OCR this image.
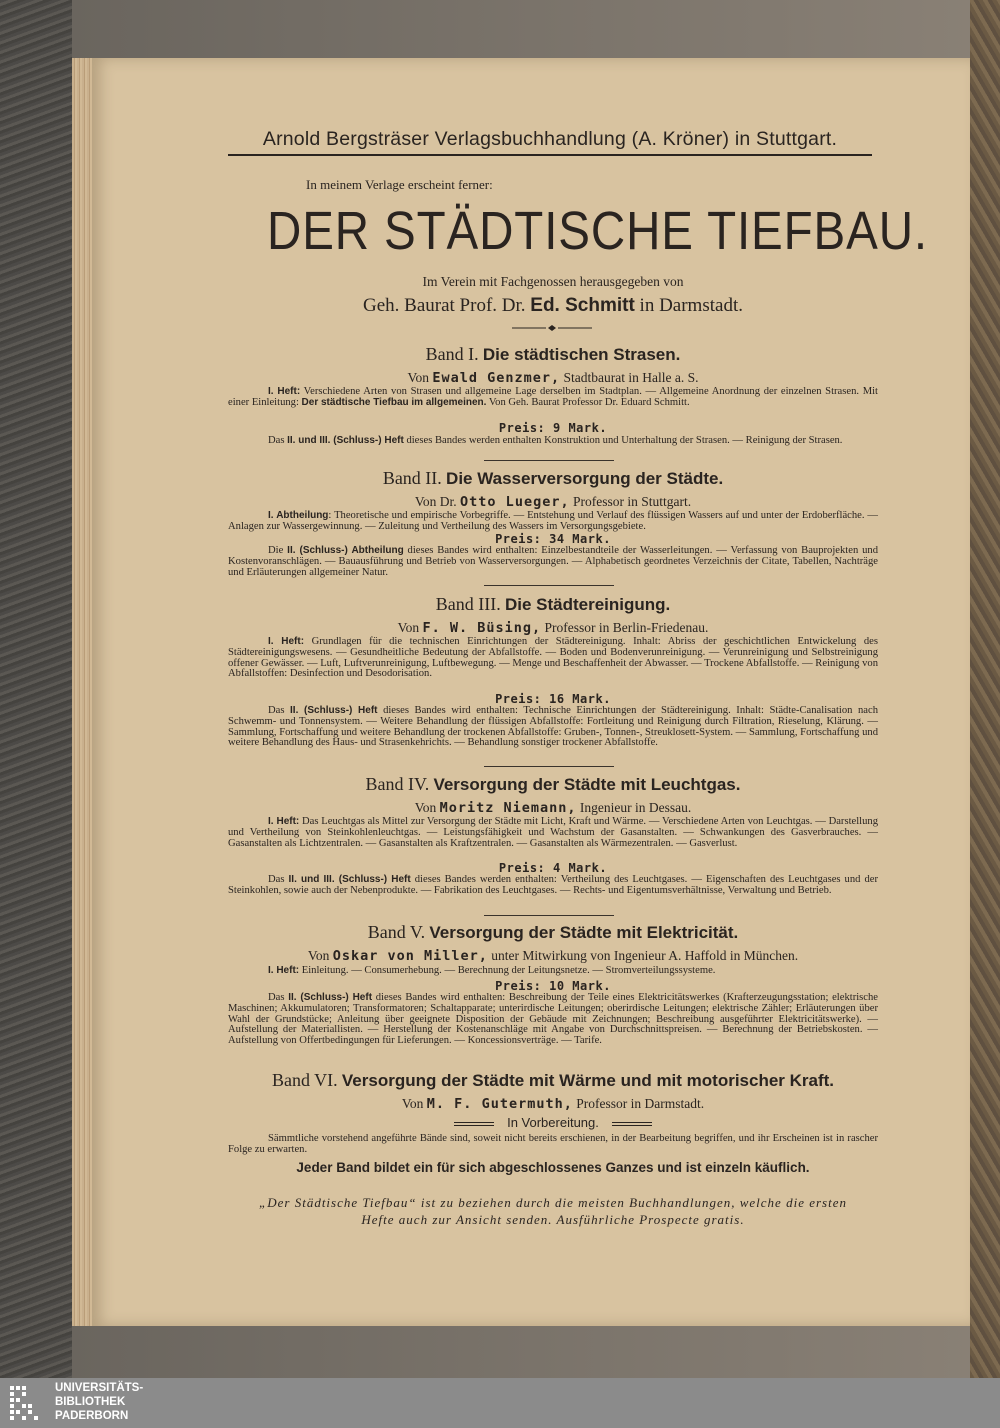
Arnold Bergsträser Verlagsbuchhandlung (A. Kröner) in Stuttgart.
In meinem Verlage erscheint ferner:
DER STÄDTISCHE TIEFBAU.
Im Verein mit Fachgenossen herausgegeben von
Geh. Baurat Prof. Dr. Ed. Schmitt in Darmstadt.
Band I. Die städtischen Strasen.
Von Ewald Genzmer, Stadtbaurat in Halle a. S.
I. Heft: Verschiedene Arten von Strasen und allgemeine Lage derselben im Stadtplan. — Allgemeine Anordnung der einzelnen Strasen. Mit einer Einleitung: Der städtische Tiefbau im allgemeinen. Von Geh. Baurat Professor Dr. Eduard Schmitt.
Preis: 9 Mark.
Das II. und III. (Schluss-) Heft dieses Bandes werden enthalten Konstruktion und Unterhaltung der Strasen. — Reinigung der Strasen.
Band II. Die Wasserversorgung der Städte.
Von Dr. Otto Lueger, Professor in Stuttgart.
I. Abtheilung: Theoretische und empirische Vorbegriffe. — Entstehung und Verlauf des flüssigen Wassers auf und unter der Erdoberfläche. — Anlagen zur Wassergewinnung. — Zuleitung und Vertheilung des Wassers im Versorgungsgebiete.
Preis: 34 Mark.
Die II. (Schluss-) Abtheilung dieses Bandes wird enthalten: Einzelbestandteile der Wasserleitungen. — Verfassung von Bauprojekten und Kostenvoranschlägen. — Bauausführung und Betrieb von Wasserversorgungen. — Alphabetisch geordnetes Verzeichnis der Citate, Tabellen, Nachträge und Erläuterungen allgemeiner Natur.
Band III. Die Städtereinigung.
Von F. W. Büsing, Professor in Berlin-Friedenau.
I. Heft: Grundlagen für die technischen Einrichtungen der Städtereinigung. Inhalt: Abriss der geschichtlichen Entwickelung des Städtereinigungswesens. — Gesundheitliche Bedeutung der Abfallstoffe. — Boden und Bodenverunreinigung. — Verunreinigung und Selbstreinigung offener Gewässer. — Luft, Luftverunreinigung, Luftbewegung. — Menge und Beschaffenheit der Abwasser. — Trockene Abfallstoffe. — Reinigung von Abfallstoffen: Desinfection und Desodorisation.
Preis: 16 Mark.
Das II. (Schluss-) Heft dieses Bandes wird enthalten: Technische Einrichtungen der Städtereinigung. Inhalt: Städte-Canalisation nach Schwemm- und Tonnensystem. — Weitere Behandlung der flüssigen Abfallstoffe: Fortleitung und Reinigung durch Filtration, Rieselung, Klärung. — Sammlung, Fortschaffung und weitere Behandlung der trockenen Abfallstoffe: Gruben-, Tonnen-, Streuklosett-System. — Sammlung, Fortschaffung und weitere Behandlung des Haus- und Strasenkehrichts. — Behandlung sonstiger trockener Abfallstoffe.
Band IV. Versorgung der Städte mit Leuchtgas.
Von Moritz Niemann, Ingenieur in Dessau.
I. Heft: Das Leuchtgas als Mittel zur Versorgung der Städte mit Licht, Kraft und Wärme. — Verschiedene Arten von Leuchtgas. — Darstellung und Vertheilung von Steinkohlenleuchtgas. — Leistungsfähigkeit und Wachstum der Gasanstalten. — Schwankungen des Gasverbrauches. — Gasanstalten als Lichtzentralen. — Gasanstalten als Kraftzentralen. — Gasanstalten als Wärmezentralen. — Gasverlust.
Preis: 4 Mark.
Das II. und III. (Schluss-) Heft dieses Bandes werden enthalten: Vertheilung des Leuchtgases. — Eigenschaften des Leuchtgases und der Steinkohlen, sowie auch der Nebenprodukte. — Fabrikation des Leuchtgases. — Rechts- und Eigentumsverhältnisse, Verwaltung und Betrieb.
Band V. Versorgung der Städte mit Elektricität.
Von Oskar von Miller, unter Mitwirkung von Ingenieur A. Haffold in München.
I. Heft: Einleitung. — Consumerhebung. — Berechnung der Leitungsnetze. — Stromverteilungssysteme.
Preis: 10 Mark.
Das II. (Schluss-) Heft dieses Bandes wird enthalten: Beschreibung der Teile eines Elektricitätswerkes (Krafterzeugungsstation; elektrische Maschinen; Akkumulatoren; Transformatoren; Schaltapparate; unterirdische Leitungen; oberirdische Leitungen; elektrische Zähler; Erläuterungen über Wahl der Grundstücke; Anleitung über geeignete Disposition der Gebäude mit Zeichnungen; Beschreibung ausgeführter Elektricitätswerke). — Aufstellung der Materiallisten. — Herstellung der Kostenanschläge mit Angabe von Durchschnittspreisen. — Berechnung der Betriebskosten. — Aufstellung von Offertbedingungen für Lieferungen. — Koncessionsverträge. — Tarife.
Band VI. Versorgung der Städte mit Wärme und mit motorischer Kraft.
Von M. F. Gutermuth, Professor in Darmstadt.
In Vorbereitung.
Sämmtliche vorstehend angeführte Bände sind, soweit nicht bereits erschienen, in der Bearbeitung begriffen, und ihr Erscheinen ist in rascher Folge zu erwarten.
Jeder Band bildet ein für sich abgeschlossenes Ganzes und ist einzeln käuflich.
„Der Städtische Tiefbau“ ist zu beziehen durch die meisten Buchhandlungen, welche die ersten
Hefte auch zur Ansicht senden. Ausführliche Prospecte gratis.
UNIVERSITÄTS-
BIBLIOTHEK
PADERBORN
